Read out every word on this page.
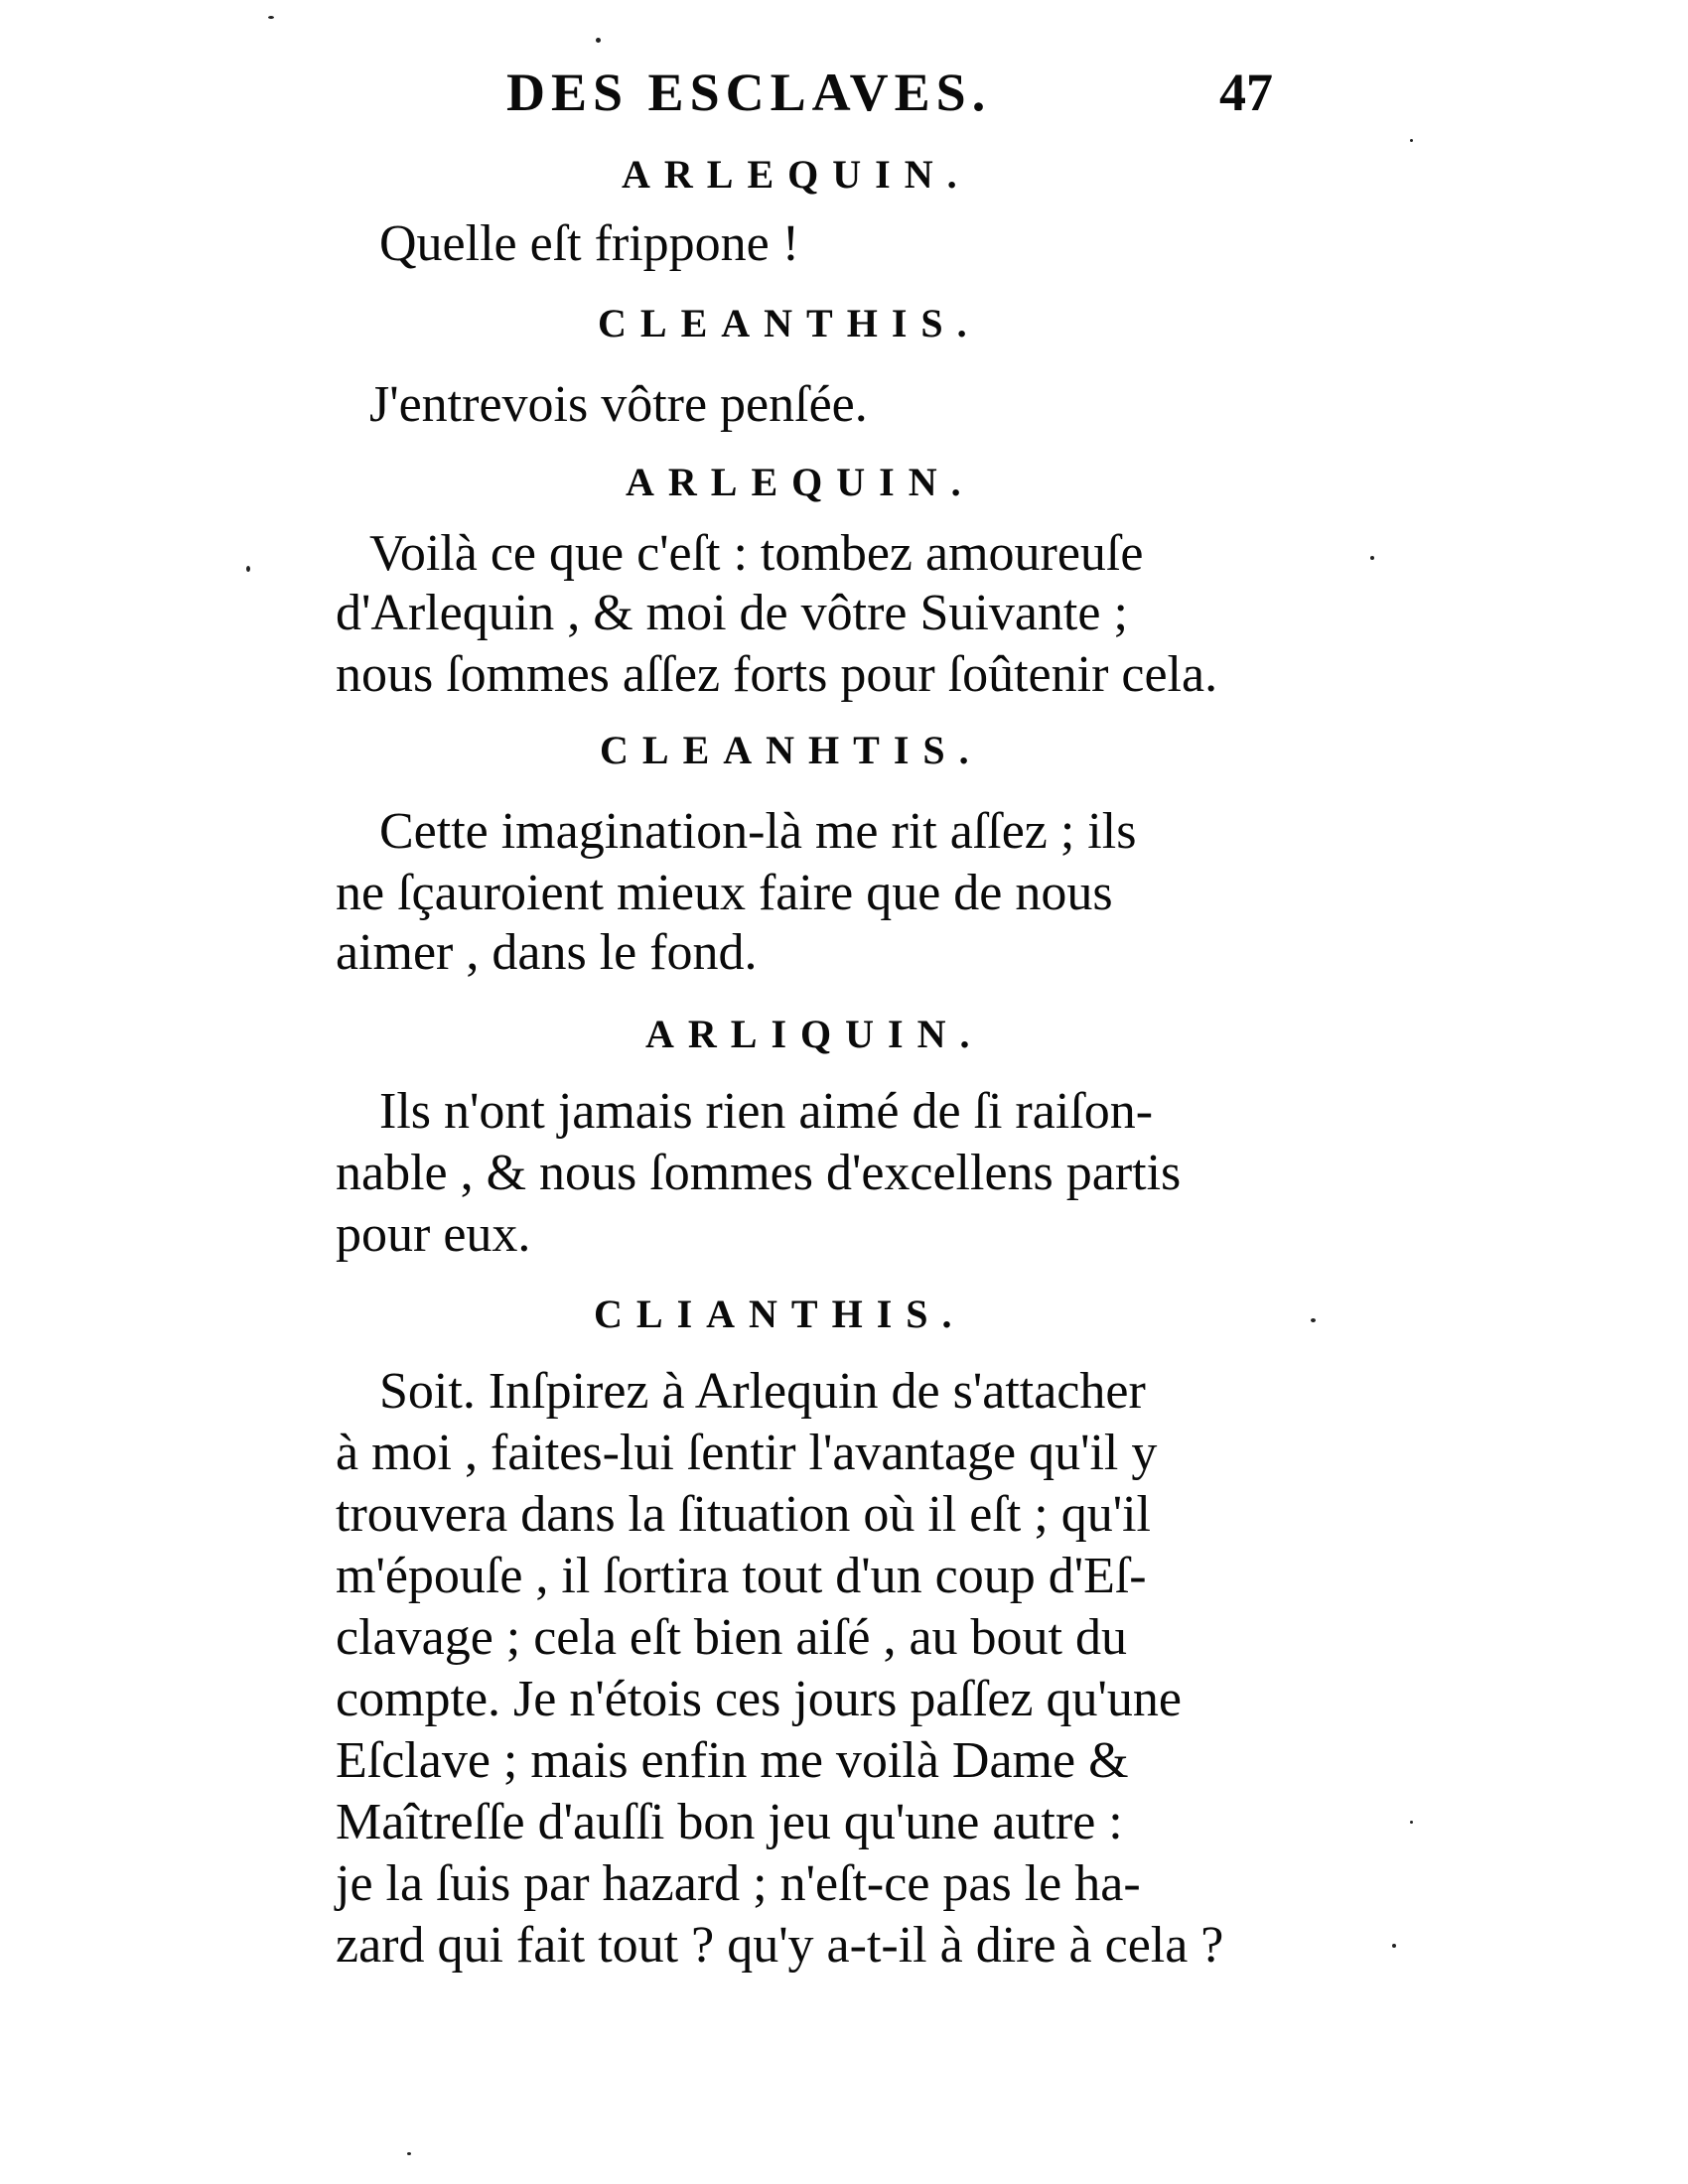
DES ESCLAVES.	47
ARLEQUIN.
Quelle eſt frippone !
CLEANTHIS.
J'entrevois vôtre penſée.
ARLEQUIN.
Voilà ce que c'eſt : tombez amoureuſe
d'Arlequin , & moi de vôtre Suivante ;
nous ſommes aſſez forts pour ſoûtenir cela.
CLEANHTIS.
Cette imagination-là me rit aſſez ; ils
ne ſçauroient mieux faire que de nous
aimer , dans le fond.
ARLIQUIN.
Ils n'ont jamais rien aimé de ſi raiſon-
nable , & nous ſommes d'excellens partis
pour eux.
CLIANTHIS.
Soit. Inſpirez à Arlequin de s'attacher
à moi , faites-lui ſentir l'avantage qu'il y
trouvera dans la ſituation où il eſt ; qu'il
m'épouſe , il ſortira tout d'un coup d'Eſ-
clavage ; cela eſt bien aiſé , au bout du
compte. Je n'étois ces jours paſſez qu'une
Eſclave ; mais enfin me voilà Dame &
Maîtreſſe d'auſſi bon jeu qu'une autre :
je la ſuis par hazard ; n'eſt-ce pas le ha-
zard qui fait tout ? qu'y a-t-il à dire à cela ?
